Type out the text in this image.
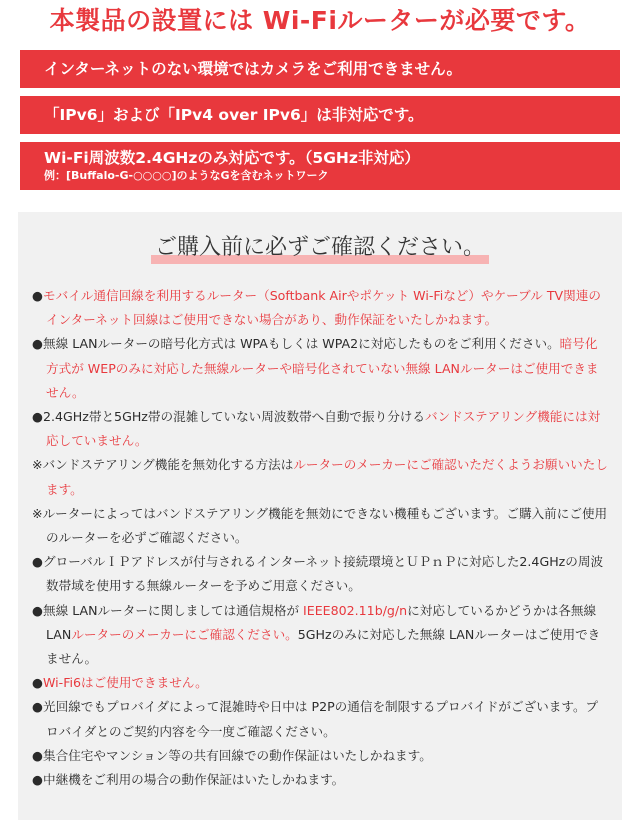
本製品の設置には Wi-Fiルーターが必要です。
インターネットのない環境ではカメラをご利用できません。
「IPv6」および「IPv4 over IPv6」は非対応です。
Wi-Fi周波数2.4GHzのみ対応です。（5GHz非対応）
例：[Buffalo-G-○○○○]のようなGを含むネットワーク
ご購入前に必ずご確認ください。

●モバイル通信回線を利用するルーター（Softbank Airやポケット Wi-Fiなど）やケーブル TV関連のインターネット回線はご使用できない場合があり、動作保証をいたしかねます。

●無線 LANルーターの暗号化方式は WPAもしくは WPA2に対応したものをご利用ください。暗号化方式が WEPのみに対応した無線ルーターや暗号化されていない無線 LANルーターはご使用できません。

●2.4GHz帯と5GHz帯の混雑していない周波数帯へ自動で振り分けるバンドステアリング機能には対応していません。

※バンドステアリング機能を無効化する方法はルーターのメーカーにご確認いただくようお願いいたします。

※ルーターによってはバンドステアリング機能を無効にできない機種もございます。ご購入前にご使用のルーターを必ずご確認ください。

●グローバルＩＰアドレスが付与されるインターネット接続環境とＵＰｎＰに対応した2.4GHzの周波数帯域を使用する無線ルーターを予めご用意ください。

●無線 LANルーターに関しましては通信規格が IEEE802.11b/g/nに対応しているかどうかは各無線 LANルーターのメーカーにご確認ください。5GHzのみに対応した無線 LANルーターはご使用できません。

●Wi-Fi6はご使用できません。

●光回線でもプロバイダによって混雑時や日中は P2Pの通信を制限するプロバイドがございます。プロバイダとのご契約内容を今一度ご確認ください。

●集合住宅やマンション等の共有回線での動作保証はいたしかねます。

●中継機をご利用の場合の動作保証はいたしかねます。
